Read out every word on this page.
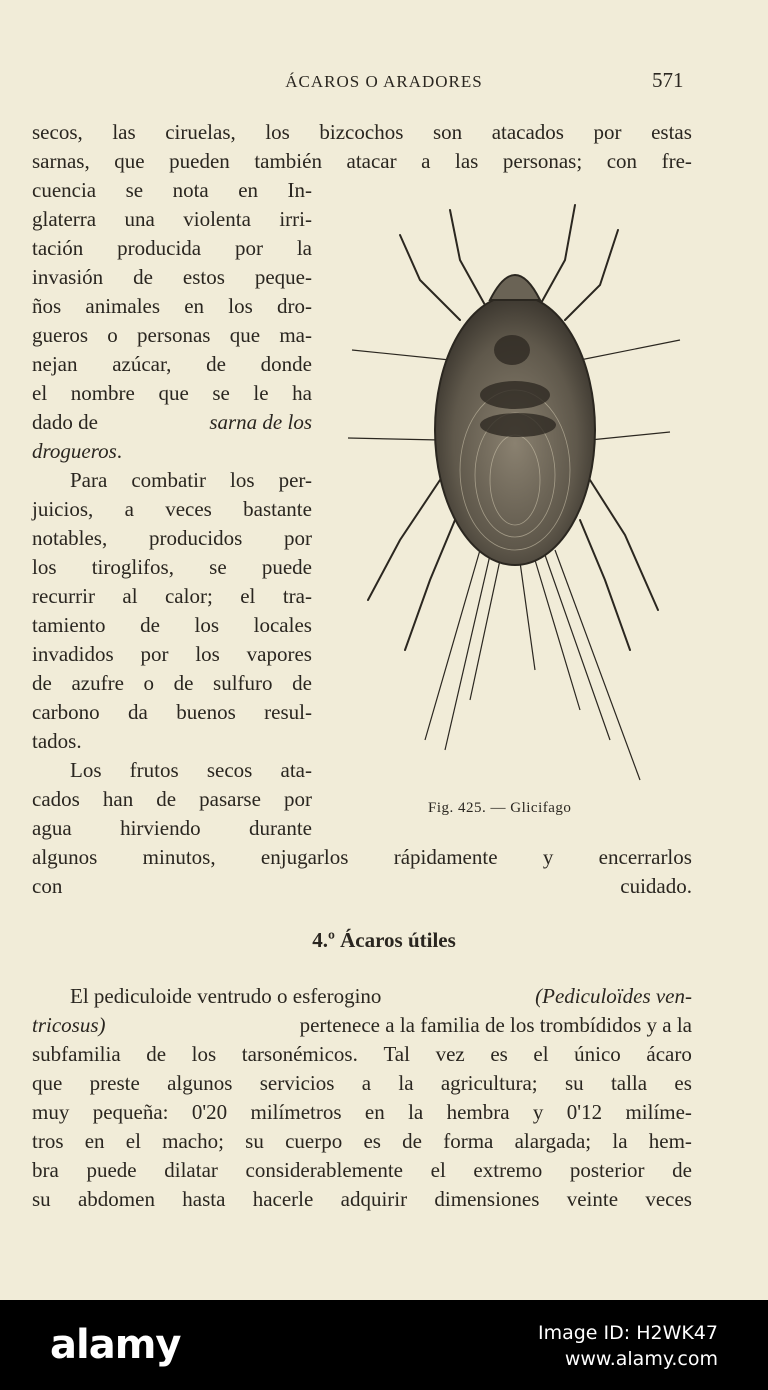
ÁCAROS O ARADORES	571
secos, las ciruelas, los bizcochos son atacados por estas
sarnas, que pueden también atacar a las personas; con fre-
cuencia se nota en In-
glaterra una violenta irri-
tación producida por la
invasión de estos peque-
ños animales en los dro-
gueros o personas que ma-
nejan azúcar, de donde
el nombre que se le ha
dado de	sarna de los
drogueros .
Para combatir los per-
juicios, a veces bastante
notables, producidos por
los tiroglifos, se puede
recurrir al calor; el tra-
tamiento de los locales
invadidos por los vapores
de azufre o de sulfuro de
carbono da buenos resul-
tados.
Los frutos secos ata-
cados han de pasarse por
agua hirviendo durante
Fig. 425. — Glicifago
algunos minutos, enjugarlos rápidamente y encerrarlos
con	cuidado.
4.º Ácaros útiles
El pediculoide ventrudo o esferogino	(Pediculoïdes ven-
tricosus)	pertenece a la familia de los trombídidos y a la
subfamilia de los tarsonémicos. Tal vez es el único ácaro
que preste algunos servicios a la agricultura; su talla es
muy pequeña: 0'20 milímetros en la hembra y 0'12 milíme-
tros en el macho; su cuerpo es de forma alargada; la hem-
bra puede dilatar considerablemente el extremo posterior de
su abdomen hasta hacerle adquirir dimensiones veinte veces
alamy	Image ID: H2WK47
www.alamy.com
